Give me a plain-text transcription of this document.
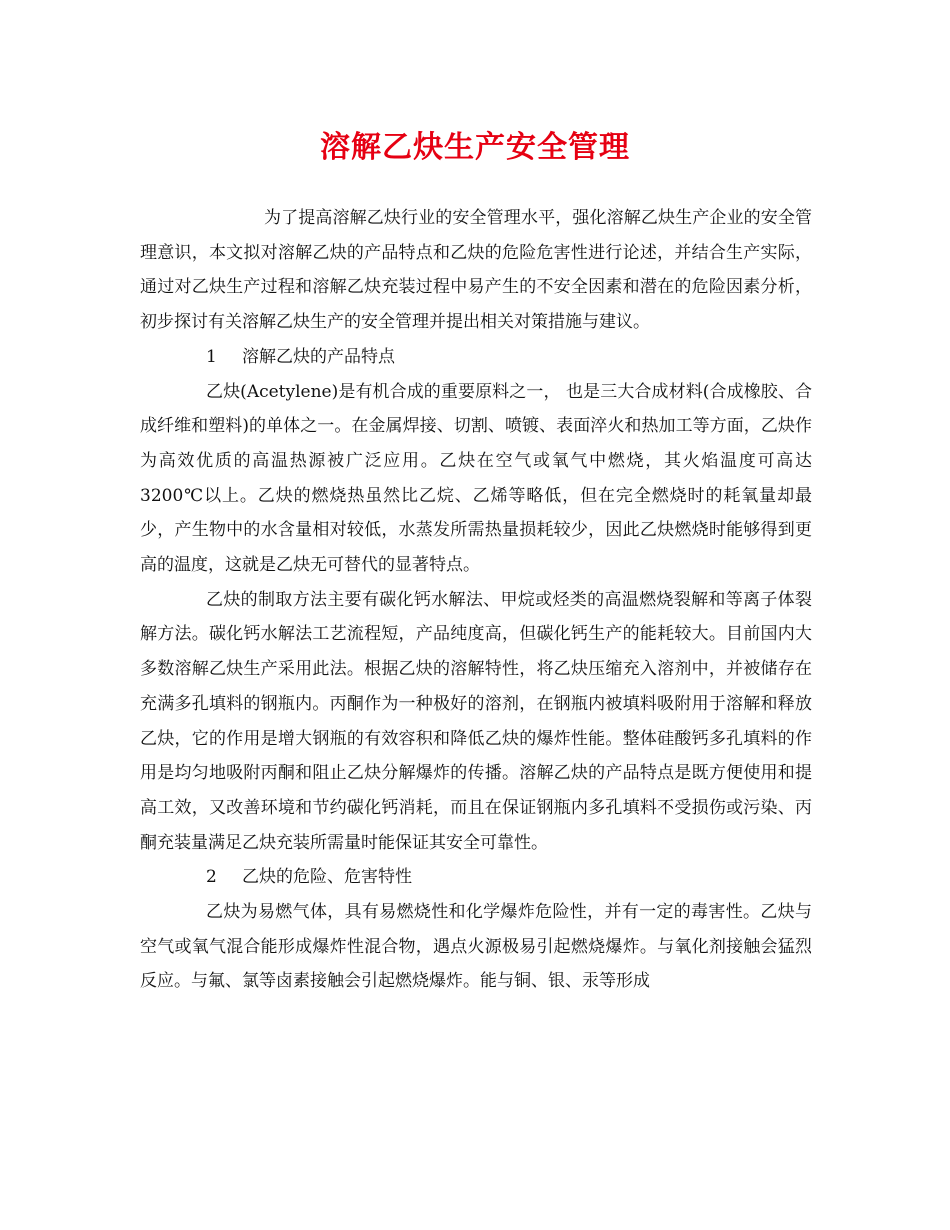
溶解乙炔生产安全管理

为了提高溶解乙炔行业的安全管理水平，强化溶解乙炔生产企业的安全管理意识，本文拟对溶解乙炔的产品特点和乙炔的危险危害性进行论述，并结合生产实际，通过对乙炔生产过程和溶解乙炔充装过程中易产生的不安全因素和潜在的危险因素分析，初步探讨有关溶解乙炔生产的安全管理并提出相关对策措施与建议。

1 溶解乙炔的产品特点

乙炔(Acetylene)是有机合成的重要原料之一， 也是三大合成材料(合成橡胶、合成纤维和塑料)的单体之一。在金属焊接、切割、喷镀、表面淬火和热加工等方面，乙炔作为高效优质的高温热源被广泛应用。乙炔在空气或氧气中燃烧，其火焰温度可高达3200℃以上。乙炔的燃烧热虽然比乙烷、乙烯等略低，但在完全燃烧时的耗氧量却最少，产生物中的水含量相对较低，水蒸发所需热量损耗较少，因此乙炔燃烧时能够得到更高的温度，这就是乙炔无可替代的显著特点。

乙炔的制取方法主要有碳化钙水解法、甲烷或烃类的高温燃烧裂解和等离子体裂解方法。碳化钙水解法工艺流程短，产品纯度高，但碳化钙生产的能耗较大。目前国内大多数溶解乙炔生产采用此法。根据乙炔的溶解特性，将乙炔压缩充入溶剂中，并被储存在充满多孔填料的钢瓶内。丙酮作为一种极好的溶剂，在钢瓶内被填料吸附用于溶解和释放乙炔，它的作用是增大钢瓶的有效容积和降低乙炔的爆炸性能。整体硅酸钙多孔填料的作用是均匀地吸附丙酮和阻止乙炔分解爆炸的传播。溶解乙炔的产品特点是既方便使用和提高工效，又改善环境和节约碳化钙消耗，而且在保证钢瓶内多孔填料不受损伤或污染、丙酮充装量满足乙炔充装所需量时能保证其安全可靠性。

2 乙炔的危险、危害特性

乙炔为易燃气体，具有易燃烧性和化学爆炸危险性，并有一定的毒害性。乙炔与空气或氧气混合能形成爆炸性混合物，遇点火源极易引起燃烧爆炸。与氧化剂接触会猛烈反应。与氟、氯等卤素接触会引起燃烧爆炸。能与铜、银、汞等形成
